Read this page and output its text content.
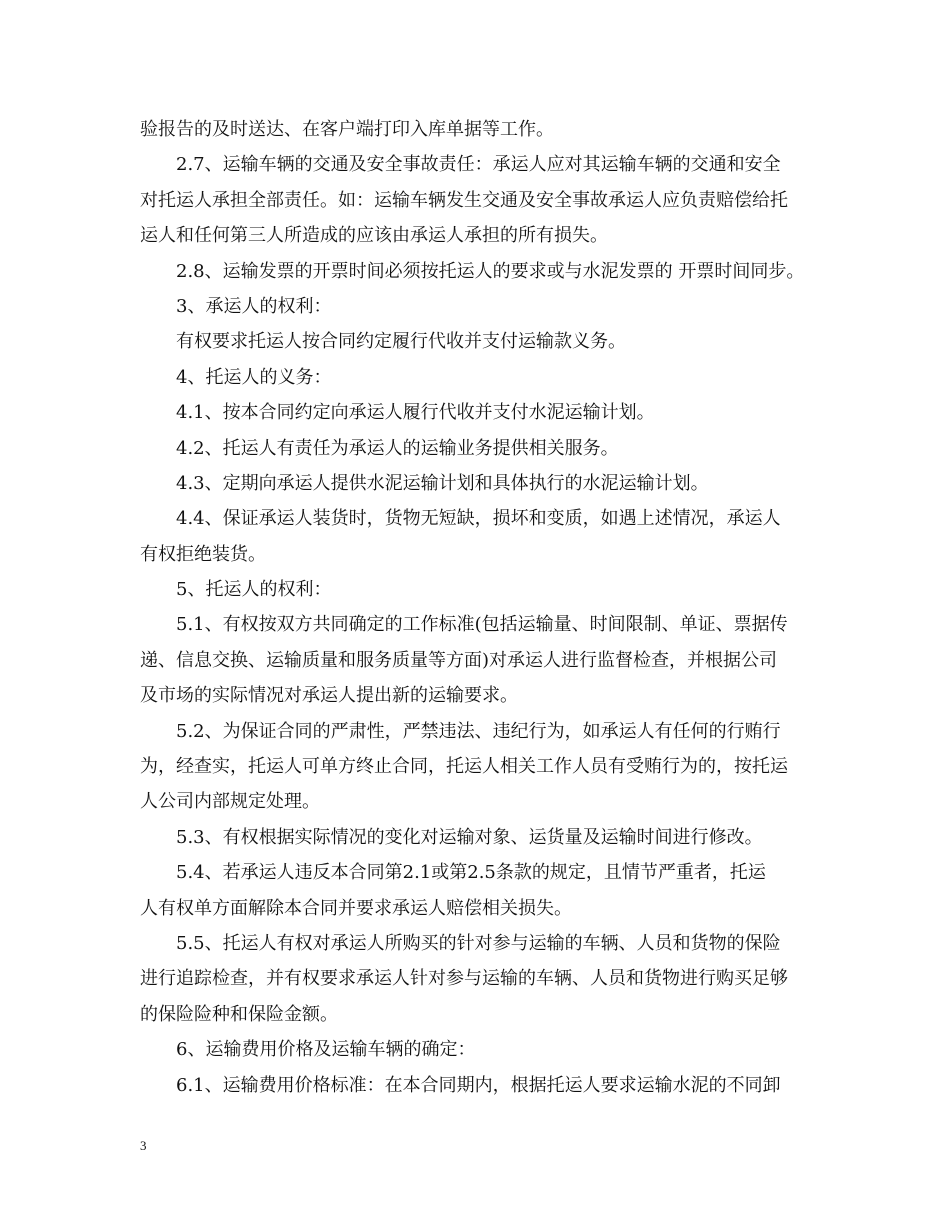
验报告的及时送达、在客户端打印入库单据等工作。
2.7、运输车辆的交通及安全事故责任：承运人应对其运输车辆的交通和安全
对托运人承担全部责任。如：运输车辆发生交通及安全事故承运人应负责赔偿给托
运人和任何第三人所造成的应该由承运人承担的所有损失。
2.8、运输发票的开票时间必须按托运人的要求或与水泥发票的 开票时间同步。
3、承运人的权利：
有权要求托运人按合同约定履行代收并支付运输款义务。
4、托运人的义务：
4.1、按本合同约定向承运人履行代收并支付水泥运输计划。
4.2、托运人有责任为承运人的运输业务提供相关服务。
4.3、定期向承运人提供水泥运输计划和具体执行的水泥运输计划。
4.4、保证承运人装货时，货物无短缺，损坏和变质，如遇上述情况，承运人
有权拒绝装货。
5、托运人的权利：
5.1、有权按双方共同确定的工作标准(包括运输量、时间限制、单证、票据传
递、信息交换、运输质量和服务质量等方面)对承运人进行监督检查，并根据公司
及市场的实际情况对承运人提出新的运输要求。
5.2、为保证合同的严肃性，严禁违法、违纪行为，如承运人有任何的行贿行
为，经查实，托运人可单方终止合同，托运人相关工作人员有受贿行为的，按托运
人公司内部规定处理。
5.3、有权根据实际情况的变化对运输对象、运货量及运输时间进行修改。
5.4、若承运人违反本合同第2.1或第2.5条款的规定，且情节严重者，托运
人有权单方面解除本合同并要求承运人赔偿相关损失。
5.5、托运人有权对承运人所购买的针对参与运输的车辆、人员和货物的保险
进行追踪检查，并有权要求承运人针对参与运输的车辆、人员和货物进行购买足够
的保险险种和保险金额。
6、运输费用价格及运输车辆的确定：
6.1、运输费用价格标准：在本合同期内，根据托运人要求运输水泥的不同卸
3
